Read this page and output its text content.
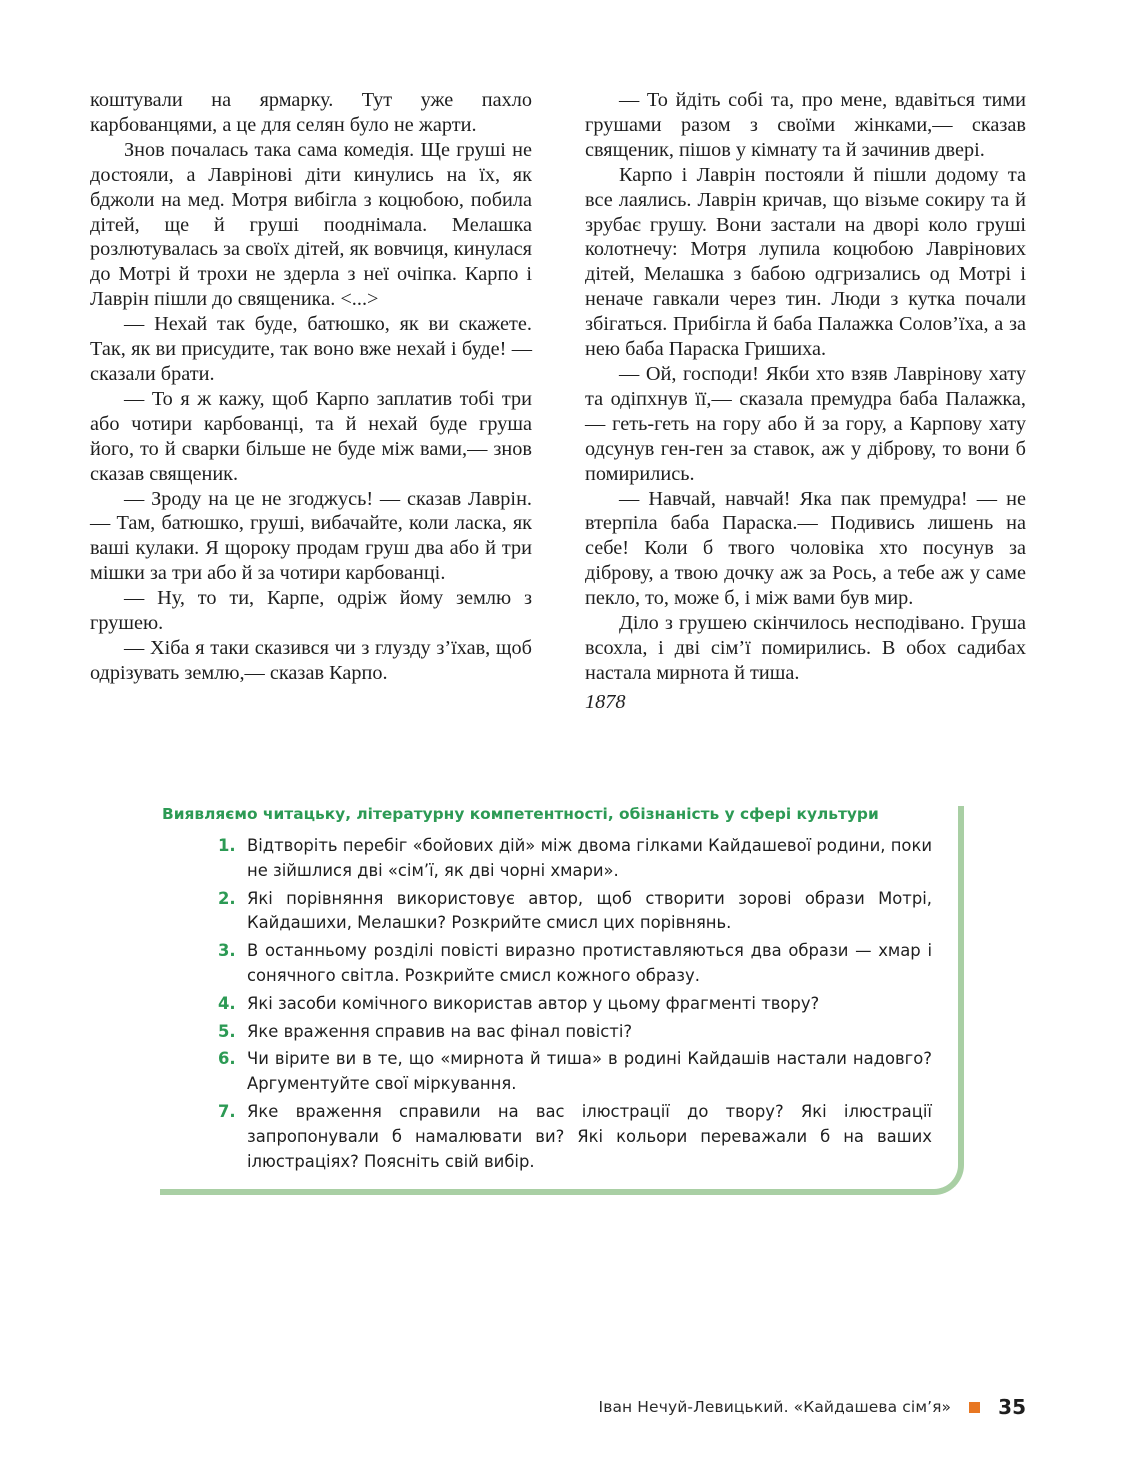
коштували на ярмарку. Тут уже пахло карбованцями, а це для селян було не жарти.

Знов почалась така сама комедія. Ще груші не достояли, а Лаврінові діти кинулись на їх, як бджоли на мед. Мотря вибігла з коцюбою, побила дітей, ще й груші пооднімала. Мелашка розлютувалась за своїх дітей, як вовчиця, кинулася до Мотрі й трохи не здерла з неї очіпка. Карпо і Лаврін пішли до священика. <...>

— Нехай так буде, батюшко, як ви скажете. Так, як ви присудите, так воно вже нехай і буде! — сказали брати.

— То я ж кажу, щоб Карпо заплатив тобі три або чотири карбованці, та й нехай буде груша його, то й сварки більше не буде між вами,— знов сказав священик.

— Зроду на це не згоджусь! — сказав Лаврін.— Там, батюшко, груші, вибачайте, коли ласка, як ваші кулаки. Я щороку продам груш два або й три мішки за три або й за чотири карбованці.

— Ну, то ти, Карпе, одріж йому землю з грушею.

— Хіба я таки сказився чи з глузду з’їхав, щоб одрізувать землю,— сказав Карпо.

— То йдіть собі та, про мене, вдавіться тими грушами разом з своїми жінками,— сказав священик, пішов у кімнату та й зачинив двері.

Карпо і Лаврін постояли й пішли додому та все лаялись. Лаврін кричав, що візьме сокиру та й зрубає грушу. Вони застали на дворі коло груші колотнечу: Мотря лупила коцюбою Лаврінових дітей, Мелашка з бабою одгризались од Мотрі і неначе гавкали через тин. Люди з кутка почали збігаться. Прибігла й баба Палажка Солов’їха, а за нею баба Параска Гришиха.

— Ой, господи! Якби хто взяв Лаврінову хату та одіпхнув її,— сказала премудра баба Палажка,— геть-геть на гору або й за гору, а Карпову хату одсунув ген-ген за ставок, аж у діброву, то вони б помирились.

— Навчай, навчай! Яка пак премудра! — не втерпіла баба Параска.— Подивись лишень на себе! Коли б твого чоловіка хто посунув за діброву, а твою дочку аж за Рось, а тебе аж у саме пекло, то, може б, і між вами був мир.

Діло з грушею скінчилось несподівано. Груша всохла, і дві сім’ї помирились. В обох садибах настала мирнота й тиша.

1878

Виявляємо читацьку, літературну компетентності, обізнаність у сфері культури
1. Відтворіть перебіг «бойових дій» між двома гілками Кайдашевої родини, поки не зійшлися дві «сім’ї, як дві чорні хмари».
2. Які порівняння використовує автор, щоб створити зорові образи Мотрі, Кайдашихи, Мелашки? Розкрийте смисл цих порівнянь.
3. В останньому розділі повісті виразно протиставляються два образи — хмар і сонячного світла. Розкрийте смисл кожного образу.
4. Які засоби комічного використав автор у цьому фрагменті твору?
5. Яке враження справив на вас фінал повісті?
6. Чи вірите ви в те, що «мирнота й тиша» в родині Кайдашів настали надовго? Аргументуйте свої міркування.
7. Яке враження справили на вас ілюстрації до твору? Які ілюстрації запропонували б намалювати ви? Які кольори переважали б на ваших ілюстраціях? Поясніть свій вибір.
Іван Нечуй-Левицький. «Кайдашева сім’я» 35
